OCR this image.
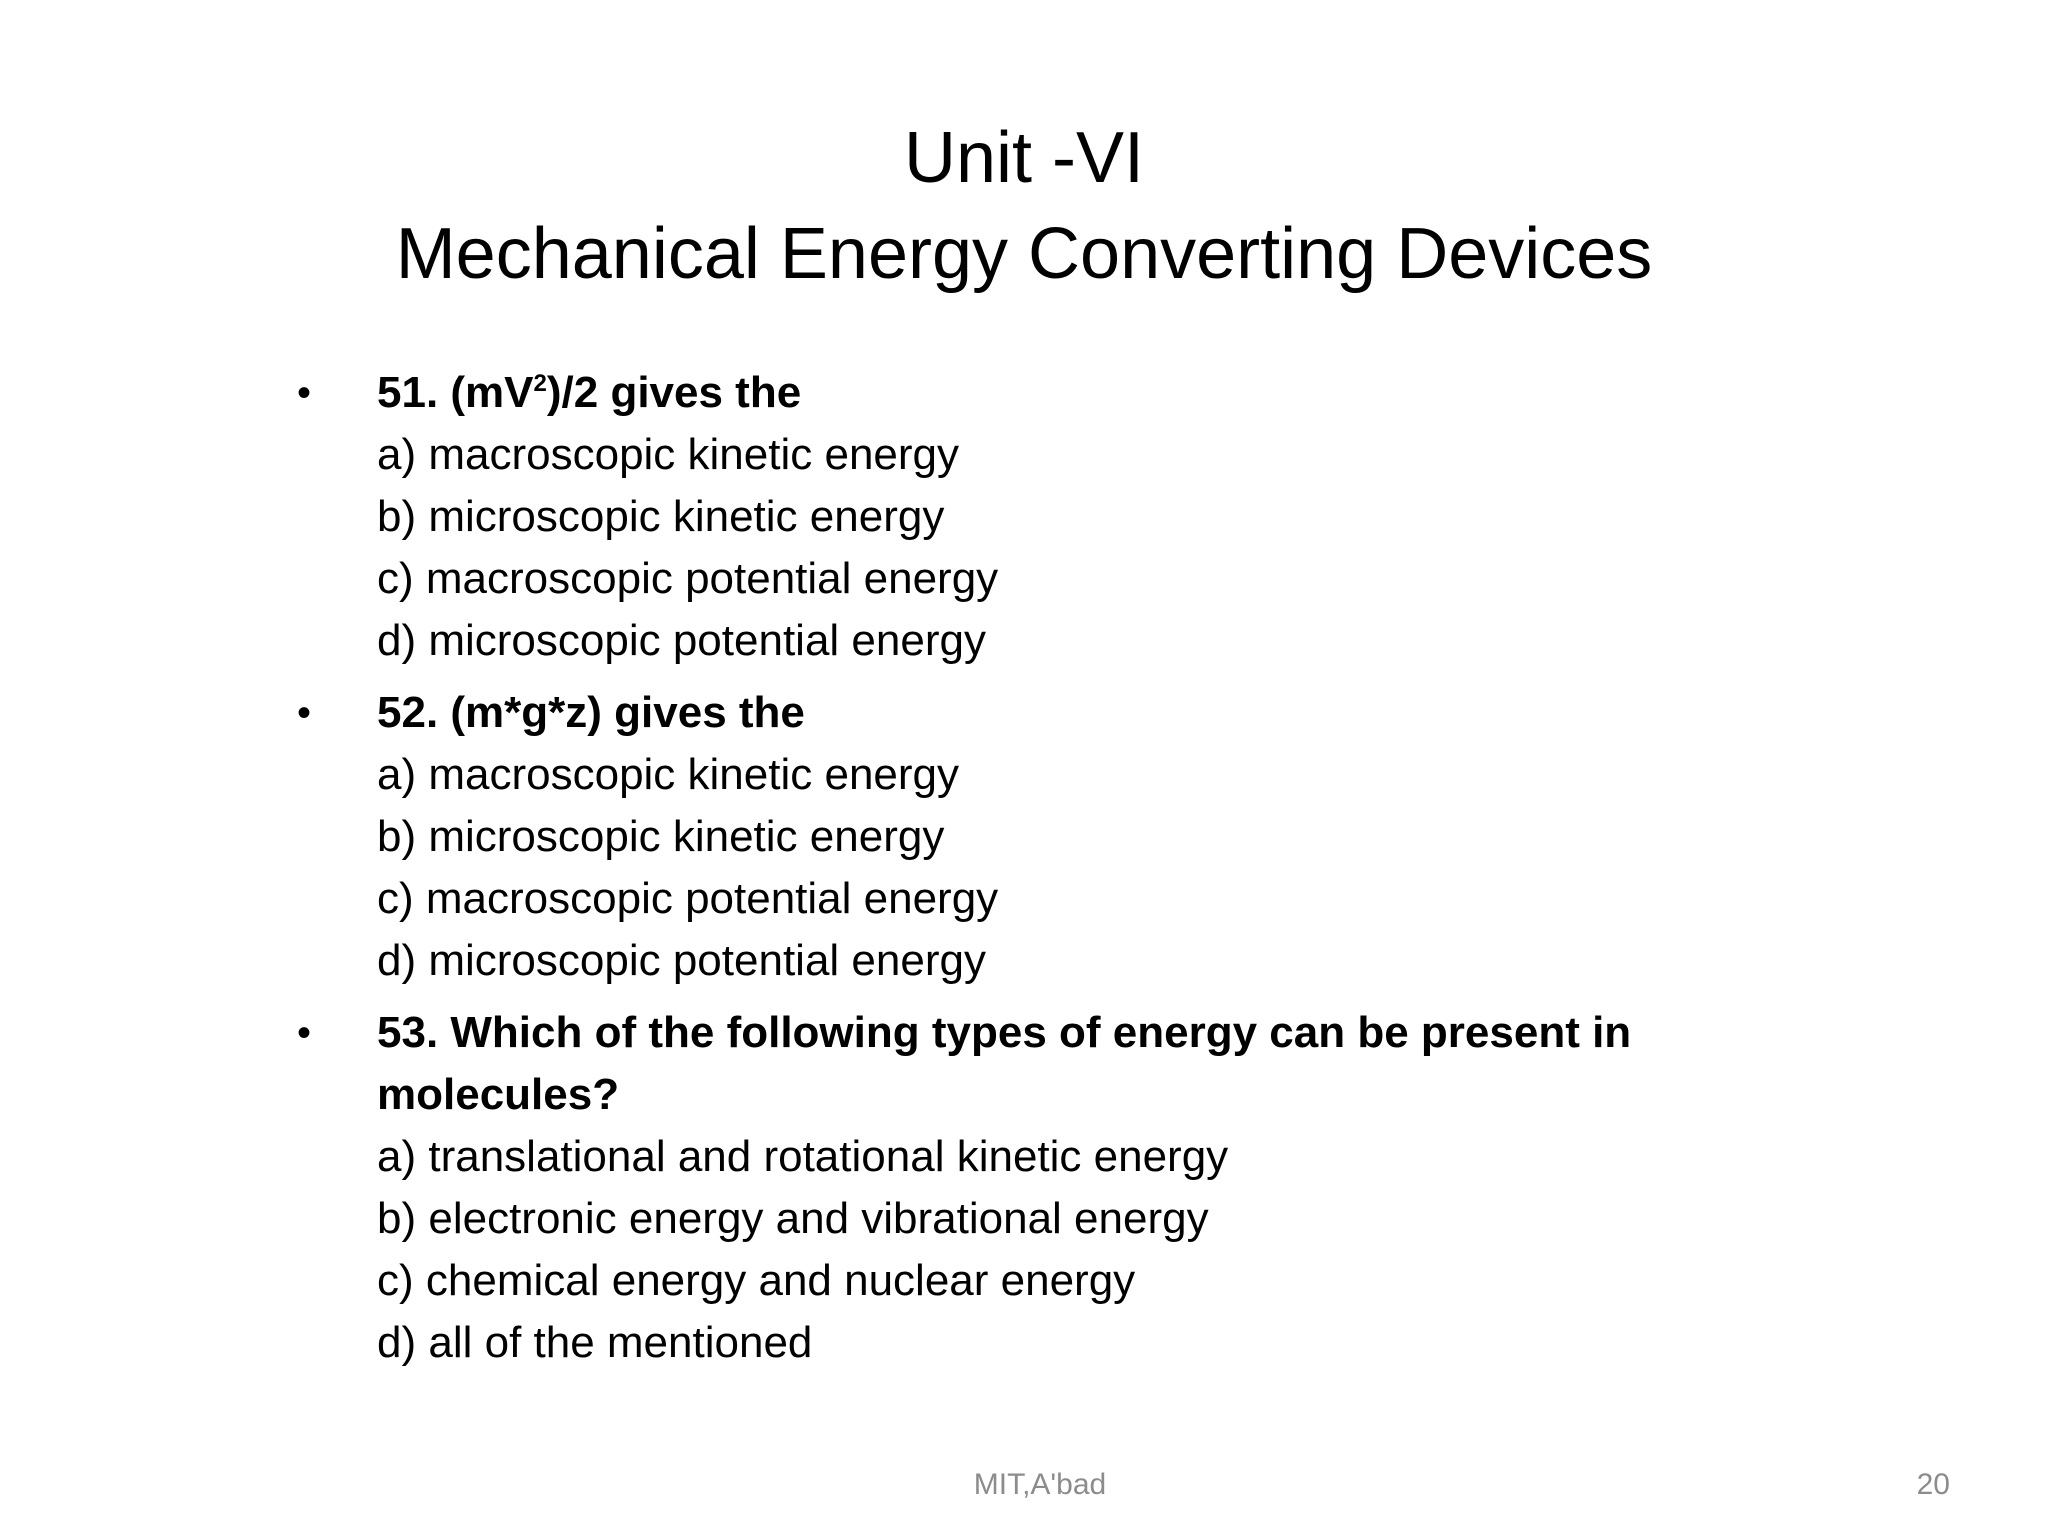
Unit -VI
Mechanical Energy Converting Devices
• 51. $(mV^2)/2$ gives the
a) macroscopic kinetic energy
b) microscopic kinetic energy
c) macroscopic potential energy
d) microscopic potential energy
• 52. (m*g*z) gives the
a) macroscopic kinetic energy
b) microscopic kinetic energy
c) macroscopic potential energy
d) microscopic potential energy
• 53. Which of the following types of energy can be present in molecules?
a) translational and rotational kinetic energy
b) electronic energy and vibrational energy
c) chemical energy and nuclear energy
d) all of the mentioned
MIT,A'bad	20
